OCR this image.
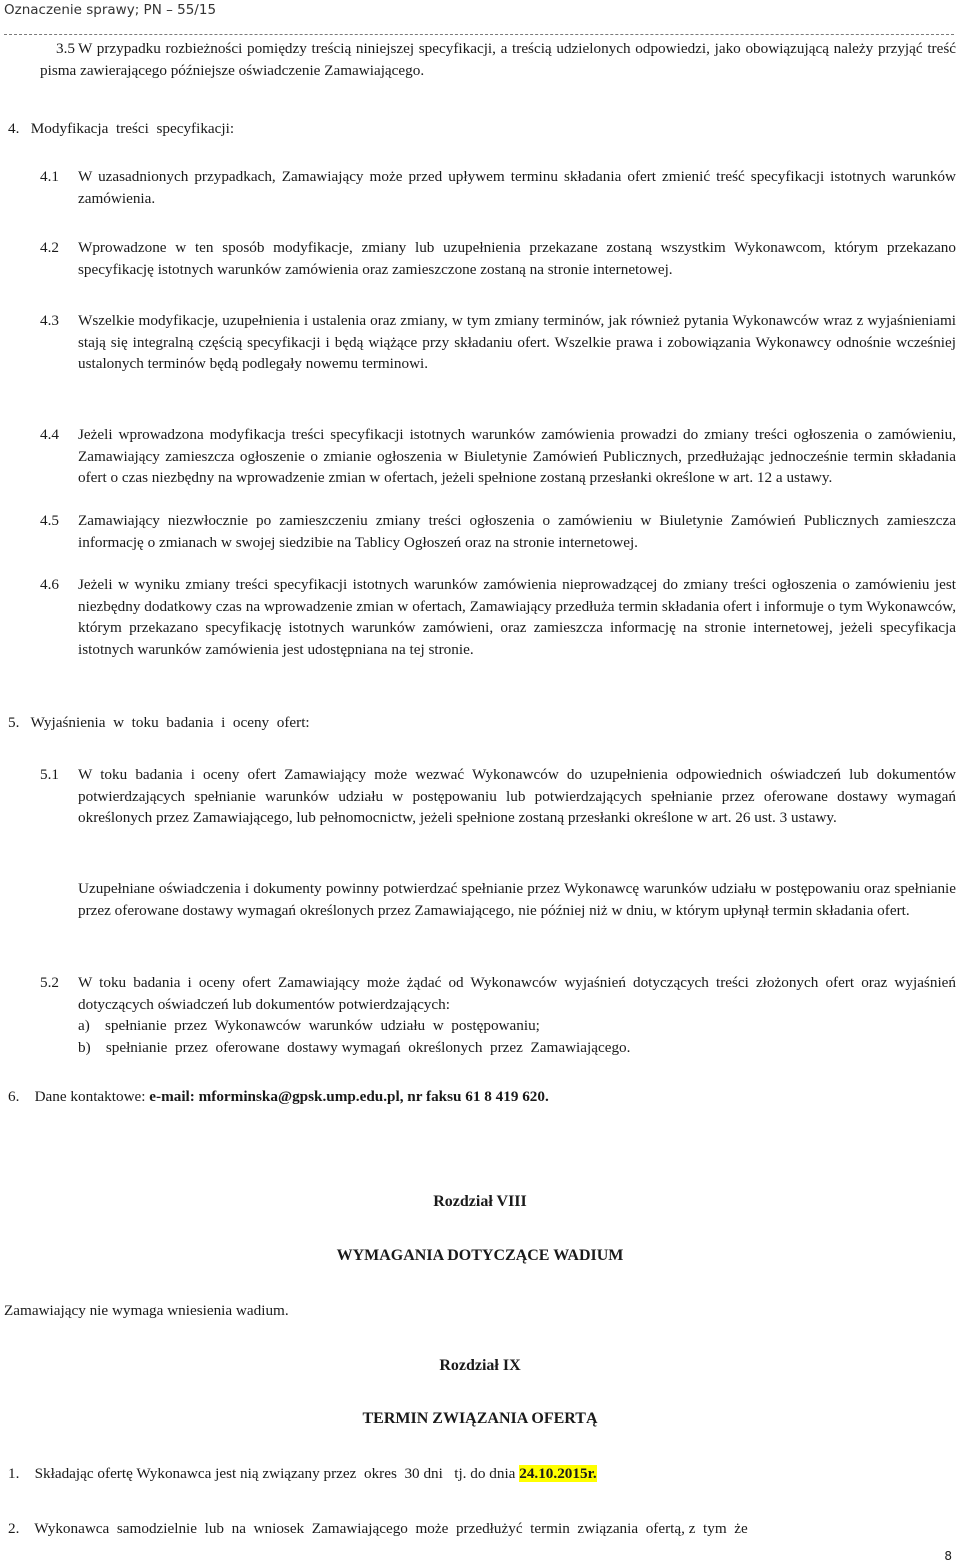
Oznaczenie sprawy; PN – 55/15
3.5 W przypadku rozbieżności pomiędzy treścią niniejszej specyfikacji, a treścią udzielonych odpowiedzi, jako obowiązującą należy przyjąć treść pisma zawierającego późniejsze oświadczenie Zamawiającego.
4.   Modyfikacja  treści  specyfikacji:
4.1 W uzasadnionych przypadkach, Zamawiający może przed upływem terminu składania ofert zmienić treść specyfikacji istotnych warunków zamówienia.
4.2 Wprowadzone w ten sposób modyfikacje, zmiany lub uzupełnienia przekazane zostaną wszystkim Wykonawcom, którym przekazano specyfikację istotnych warunków zamówienia oraz zamieszczone zostaną na stronie internetowej.
4.3 Wszelkie modyfikacje, uzupełnienia i ustalenia oraz zmiany, w tym zmiany terminów, jak również pytania Wykonawców wraz z wyjaśnieniami stają się integralną częścią specyfikacji i będą wiążące przy składaniu ofert. Wszelkie prawa i zobowiązania Wykonawcy odnośnie wcześniej ustalonych terminów będą podlegały nowemu terminowi.
4.4 Jeżeli wprowadzona modyfikacja treści specyfikacji istotnych warunków zamówienia prowadzi do zmiany treści ogłoszenia o zamówieniu, Zamawiający zamieszcza ogłoszenie o zmianie ogłoszenia w Biuletynie Zamówień Publicznych, przedłużając jednocześnie termin składania ofert o czas niezbędny na wprowadzenie zmian w ofertach, jeżeli spełnione zostaną przesłanki określone w art. 12 a ustawy.
4.5 Zamawiający niezwłocznie po zamieszczeniu zmiany treści ogłoszenia o zamówieniu w Biuletynie Zamówień Publicznych zamieszcza informację o zmianach w swojej siedzibie na Tablicy Ogłoszeń oraz na stronie internetowej.
4.6 Jeżeli w wyniku zmiany treści specyfikacji istotnych warunków zamówienia nieprowadzącej do zmiany treści ogłoszenia o zamówieniu jest niezbędny dodatkowy czas na wprowadzenie zmian w ofertach, Zamawiający przedłuża termin składania ofert i informuje o tym Wykonawców, którym przekazano specyfikację istotnych warunków zamówieni, oraz zamieszcza informację na stronie internetowej, jeżeli specyfikacja istotnych warunków zamówienia jest udostępniana na tej stronie.
5.   Wyjaśnienia  w  toku  badania  i  oceny  ofert:
5.1 W toku badania i oceny ofert Zamawiający może wezwać Wykonawców do uzupełnienia odpowiednich oświadczeń lub dokumentów potwierdzających spełnianie warunków udziału w postępowaniu lub potwierdzających spełnianie przez oferowane dostawy wymagań określonych przez Zamawiającego, lub pełnomocnictw, jeżeli spełnione zostaną przesłanki określone w art. 26 ust. 3 ustawy.
Uzupełniane oświadczenia i dokumenty powinny potwierdzać spełnianie przez Wykonawcę warunków udziału w postępowaniu oraz spełnianie przez oferowane dostawy wymagań określonych przez Zamawiającego, nie później niż w dniu, w którym upłynął termin składania ofert.
5.2 W toku badania i oceny ofert Zamawiający może żądać od Wykonawców wyjaśnień dotyczących treści złożonych ofert oraz wyjaśnień dotyczących oświadczeń lub dokumentów potwierdzających:
a)    spełnianie  przez  Wykonawców  warunków  udziału  w  postępowaniu;
b)    spełnianie  przez  oferowane  dostawy wymagań  określonych  przez  Zamawiającego.
6.    Dane kontaktowe: e-mail: mforminska@gpsk.ump.edu.pl, nr faksu 61 8 419 620.
Rozdział VIII
WYMAGANIA DOTYCZĄCE WADIUM
Zamawiający nie wymaga wniesienia wadium.
Rozdział IX
TERMIN ZWIĄZANIA OFERTĄ
1.    Składając ofertę Wykonawca jest nią związany przez  okres  30 dni   tj. do dnia 24.10.2015r.
2.    Wykonawca  samodzielnie  lub  na  wniosek  Zamawiającego  może  przedłużyć  termin  związania  ofertą, z  tym  że
8
